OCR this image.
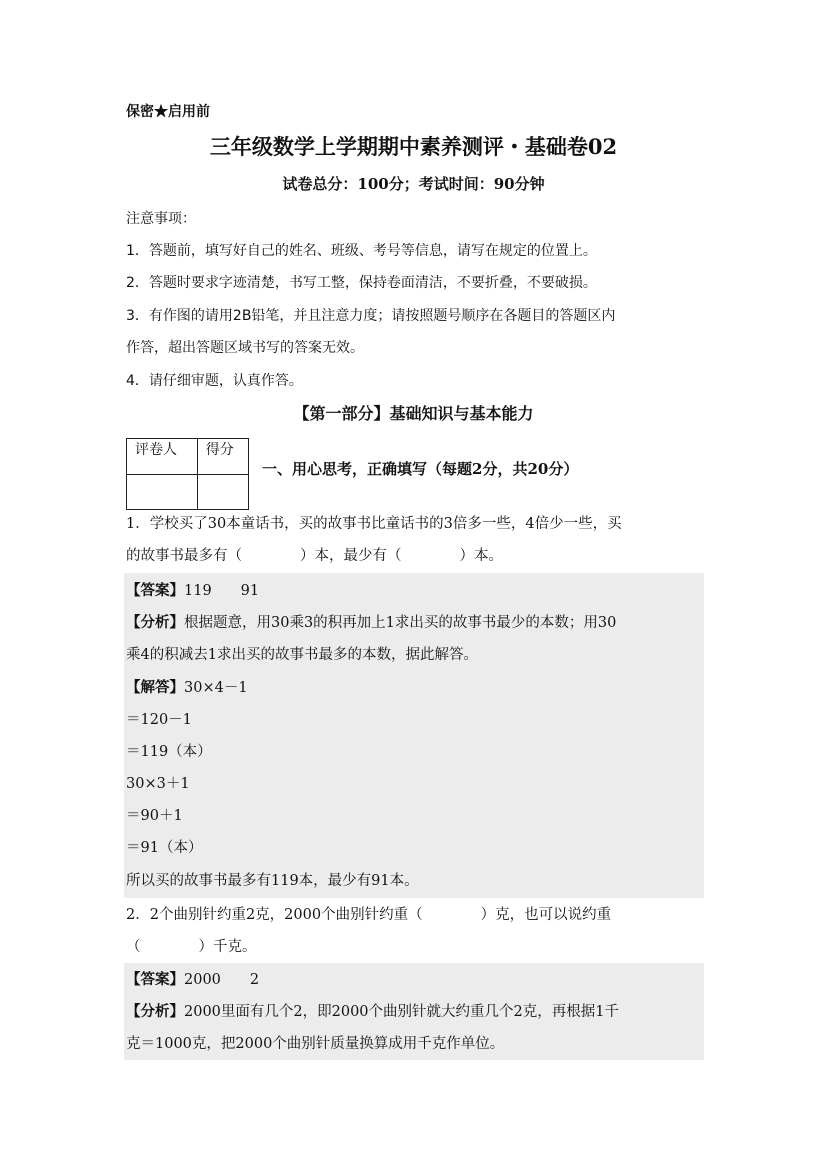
保密★启用前
三年级数学上学期期中素养测评・基础卷02
试卷总分：100分；考试时间：90分钟
注意事项：
1．答题前，填写好自己的姓名、班级、考号等信息，请写在规定的位置上。
2．答题时要求字迹清楚，书写工整，保持卷面清洁，不要折叠，不要破损。
3．有作图的请用2B铅笔，并且注意力度；请按照题号顺序在各题目的答题区内
作答，超出答题区域书写的答案无效。
4．请仔细审题，认真作答。
【第一部分】基础知识与基本能力
评卷人	得分

一、用心思考，正确填写（每题2分，共20分）
1．学校买了30本童话书，买的故事书比童话书的3倍多一些，4倍少一些，买
的故事书最多有（　　　　）本，最少有（　　　　）本。
【答案】119　　91
【分析】根据题意，用30乘3的积再加上1求出买的故事书最少的本数；用30
乘4的积减去1求出买的故事书最多的本数，据此解答。
【解答】30×4－1
＝120－1
＝119（本）
30×3＋1
＝90＋1
＝91（本）
所以买的故事书最多有119本，最少有91本。
2．2个曲别针约重2克，2000个曲别针约重（　　　　）克，也可以说约重
（　　　　）千克。
【答案】2000　　2
【分析】2000里面有几个2，即2000个曲别针就大约重几个2克，再根据1千
克＝1000克，把2000个曲别针质量换算成用千克作单位。
